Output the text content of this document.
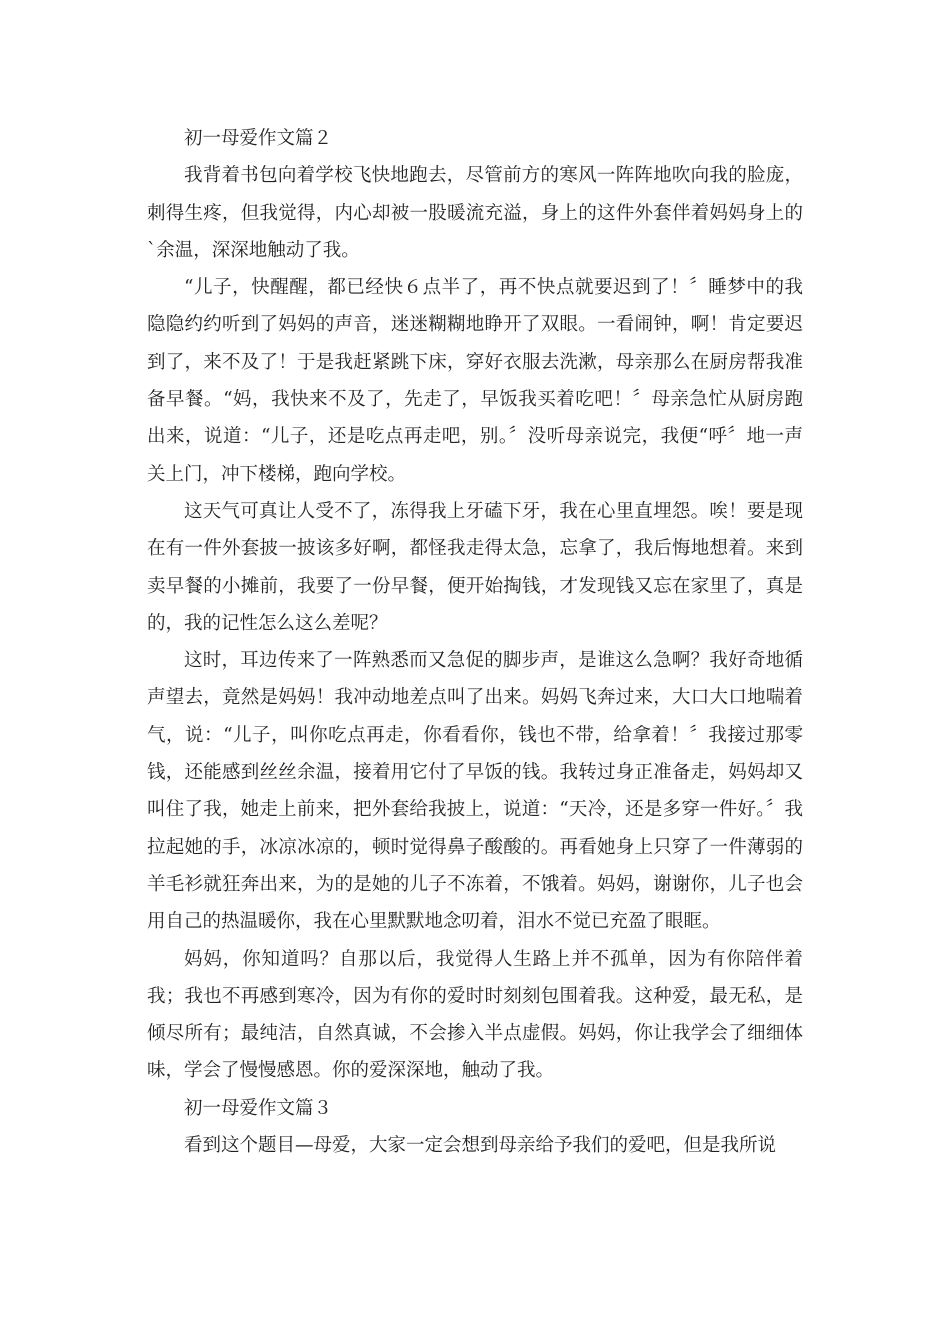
初一母爱作文篇２

我背着书包向着学校飞快地跑去，尽管前方的寒风一阵阵地吹向我的脸庞，刺得生疼，但我觉得，内心却被一股暖流充溢，身上的这件外套伴着妈妈身上的`余温，深深地触动了我。

“儿子，快醒醒，都已经快６点半了，再不快点就要迟到了！〞睡梦中的我隐隐约约听到了妈妈的声音，迷迷糊糊地睁开了双眼。一看闹钟，啊！肯定要迟到了，来不及了！于是我赶紧跳下床，穿好衣服去洗漱，母亲那么在厨房帮我准备早餐。“妈，我快来不及了，先走了，早饭我买着吃吧！〞母亲急忙从厨房跑出来，说道：“儿子，还是吃点再走吧，别。〞没听母亲说完，我便“呼〞地一声关上门，冲下楼梯，跑向学校。

这天气可真让人受不了，冻得我上牙磕下牙，我在心里直埋怨。唉！要是现在有一件外套披一披该多好啊，都怪我走得太急，忘拿了，我后悔地想着。来到卖早餐的小摊前，我要了一份早餐，便开始掏钱，才发现钱又忘在家里了，真是的，我的记性怎么这么差呢？

这时，耳边传来了一阵熟悉而又急促的脚步声，是谁这么急啊？我好奇地循声望去，竟然是妈妈！我冲动地差点叫了出来。妈妈飞奔过来，大口大口地喘着气，说：“儿子，叫你吃点再走，你看看你，钱也不带，给拿着！〞我接过那零钱，还能感到丝丝余温，接着用它付了早饭的钱。我转过身正准备走，妈妈却又叫住了我，她走上前来，把外套给我披上，说道：“天冷，还是多穿一件好。〞我拉起她的手，冰凉冰凉的，顿时觉得鼻子酸酸的。再看她身上只穿了一件薄弱的羊毛衫就狂奔出来，为的是她的儿子不冻着，不饿着。妈妈，谢谢你，儿子也会用自己的热温暖你，我在心里默默地念叨着，泪水不觉已充盈了眼眶。

妈妈，你知道吗？自那以后，我觉得人生路上并不孤单，因为有你陪伴着我；我也不再感到寒冷，因为有你的爱时时刻刻包围着我。这种爱，最无私，是倾尽所有；最纯洁，自然真诚，不会掺入半点虚假。妈妈，你让我学会了细细体味，学会了慢慢感恩。你的爱深深地，触动了我。

初一母爱作文篇３

看到这个题目—母爱，大家一定会想到母亲给予我们的爱吧，但是我所说
